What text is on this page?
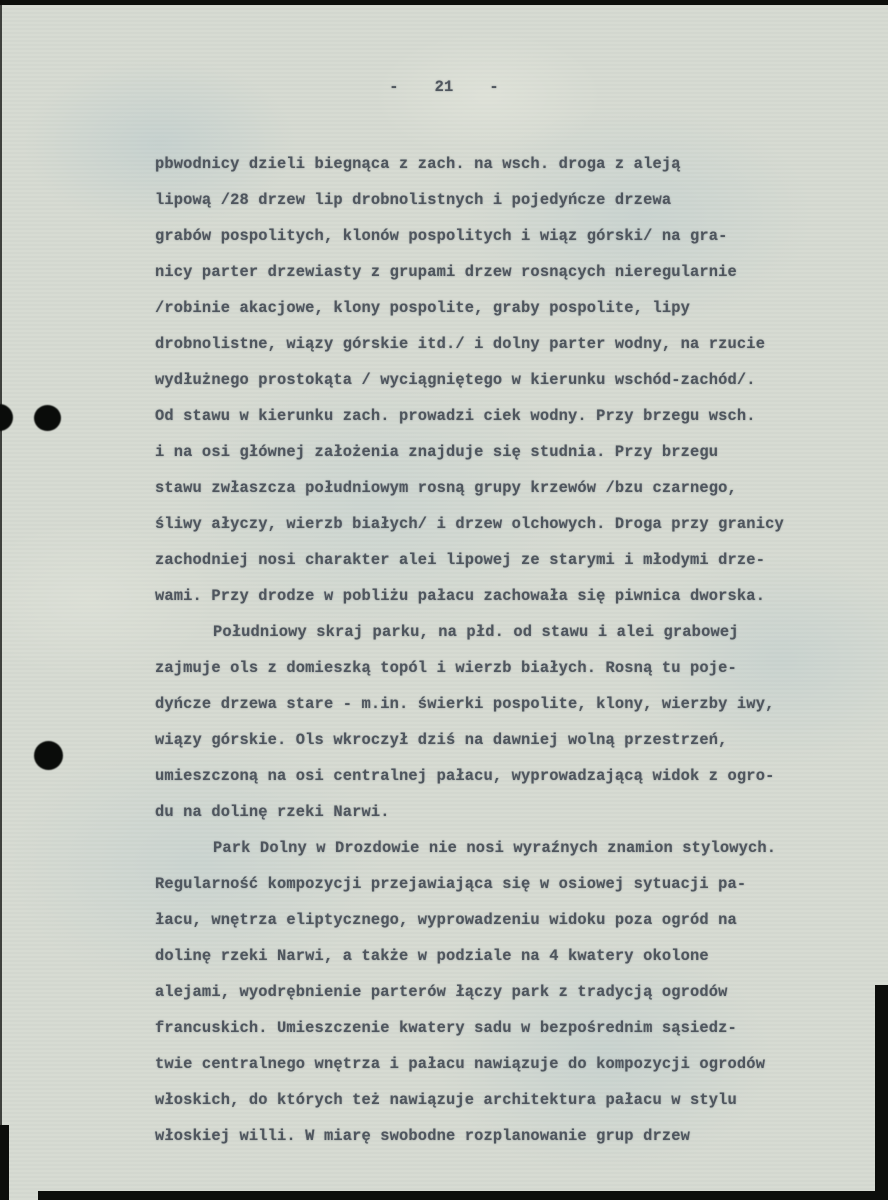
- 21 -
pbwodnicy dzieli biegnąca z zach. na wsch. droga z aleją
lipową /28 drzew lip drobnolistnych i pojedyńcze drzewa
grabów pospolitych, klonów pospolitych i wiąz górski/ na gra-
nicy parter drzewiasty z grupami drzew rosnących nieregularnie
/robinie akacjowe, klony pospolite, graby pospolite, lipy
drobnolistne, wiązy górskie itd./ i dolny parter wodny, na rzucie
wydłużnego prostokąta / wyciągniętego w kierunku wschód-zachód/.
Od stawu w kierunku zach. prowadzi ciek wodny. Przy brzegu wsch.
i na osi głównej założenia znajduje się studnia. Przy brzegu
stawu zwłaszcza południowym rosną grupy krzewów /bzu czarnego,
śliwy ałyczy, wierzb białych/ i drzew olchowych. Droga przy granicy
zachodniej nosi charakter alei lipowej ze starymi i młodymi drze-
wami. Przy drodze w pobliżu pałacu zachowała się piwnica dworska.
Południowy skraj parku, na płd. od stawu i alei grabowej
zajmuje ols z domieszką topól i wierzb białych. Rosną tu poje-
dyńcze drzewa stare - m.in. świerki pospolite, klony, wierzby iwy,
wiązy górskie. Ols wkroczył dziś na dawniej wolną przestrzeń,
umieszczoną na osi centralnej pałacu, wyprowadzającą widok z ogro-
du na dolinę rzeki Narwi.
Park Dolny w Drozdowie nie nosi wyraźnych znamion stylowych.
Regularność kompozycji przejawiająca się w osiowej sytuacji pa-
łacu, wnętrza eliptycznego, wyprowadzeniu widoku poza ogród na
dolinę rzeki Narwi, a także w podziale na 4 kwatery okolone
alejami, wyodrębnienie parterów łączy park z tradycją ogrodów
francuskich. Umieszczenie kwatery sadu w bezpośrednim sąsiedz-
twie centralnego wnętrza i pałacu nawiązuje do kompozycji ogrodów
włoskich, do których też nawiązuje architektura pałacu w stylu
włoskiej willi. W miarę swobodne rozplanowanie grup drzew
